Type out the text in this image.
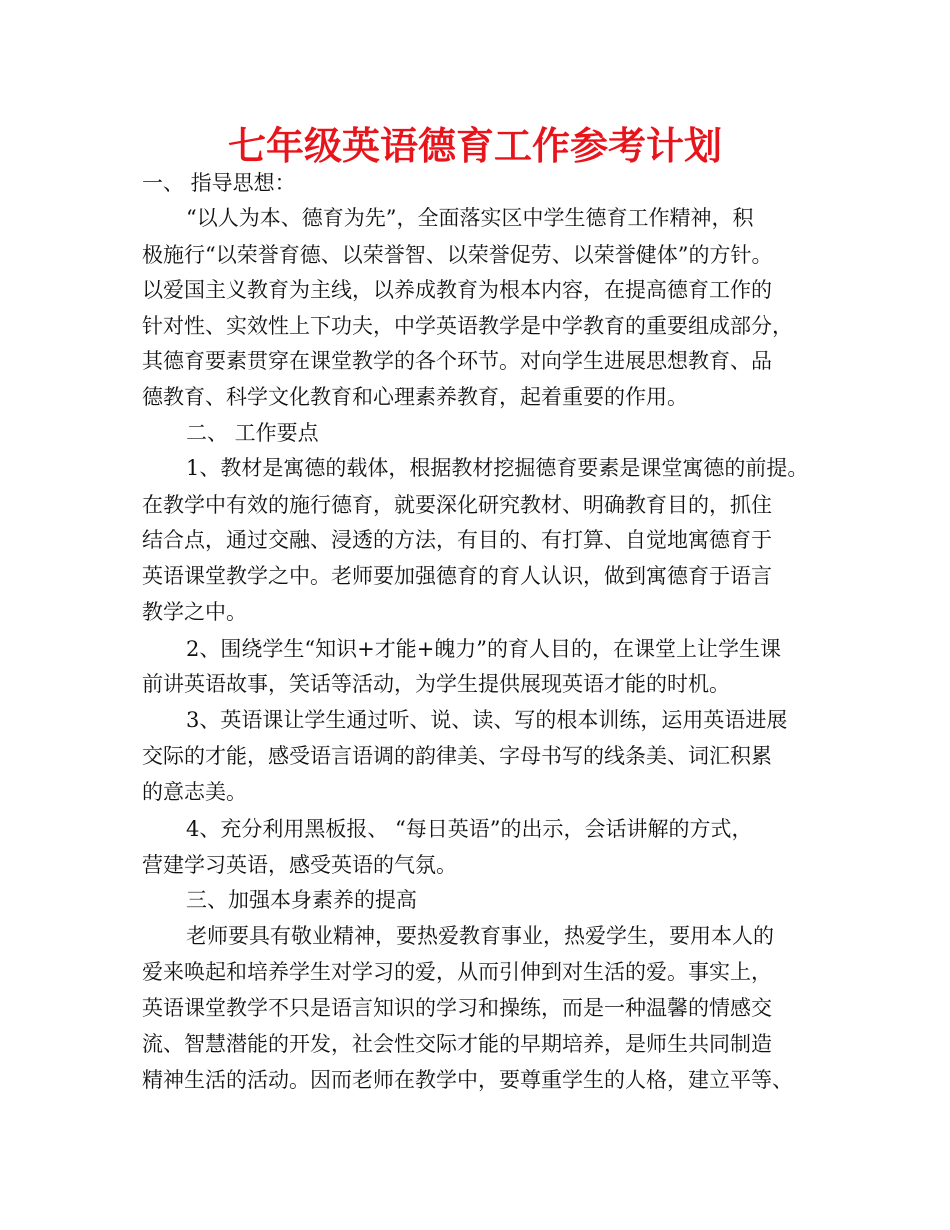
七年级英语德育工作参考计划
一、 指导思想：
“以人为本、德育为先”，全面落实区中学生德育工作精神，积
极施行“以荣誉育德、以荣誉智、以荣誉促劳、以荣誉健体”的方针。
以爱国主义教育为主线，以养成教育为根本内容，在提高德育工作的
针对性、实效性上下功夫，中学英语教学是中学教育的重要组成部分，
其德育要素贯穿在课堂教学的各个环节。对向学生进展思想教育、品
德教育、科学文化教育和心理素养教育，起着重要的作用。
二、 工作要点
1、教材是寓德的载体，根据教材挖掘德育要素是课堂寓德的前提。
在教学中有效的施行德育，就要深化研究教材、明确教育目的，抓住
结合点，通过交融、浸透的方法，有目的、有打算、自觉地寓德育于
英语课堂教学之中。老师要加强德育的育人认识，做到寓德育于语言
教学之中。
2、围绕学生“知识+才能+魄力”的育人目的，在课堂上让学生课
前讲英语故事，笑话等活动，为学生提供展现英语才能的时机。
3、英语课让学生通过听、说、读、写的根本训练，运用英语进展
交际的才能，感受语言语调的韵律美、字母书写的线条美、词汇积累
的意志美。
4、充分利用黑板报、 “每日英语”的出示，会话讲解的方式，
营建学习英语，感受英语的气氛。
三、加强本身素养的提高
老师要具有敬业精神，要热爱教育事业，热爱学生，要用本人的
爱来唤起和培养学生对学习的爱，从而引伸到对生活的爱。事实上，
英语课堂教学不只是语言知识的学习和操练，而是一种温馨的情感交
流、智慧潜能的开发，社会性交际才能的早期培养，是师生共同制造
精神生活的活动。因而老师在教学中，要尊重学生的人格，建立平等、
